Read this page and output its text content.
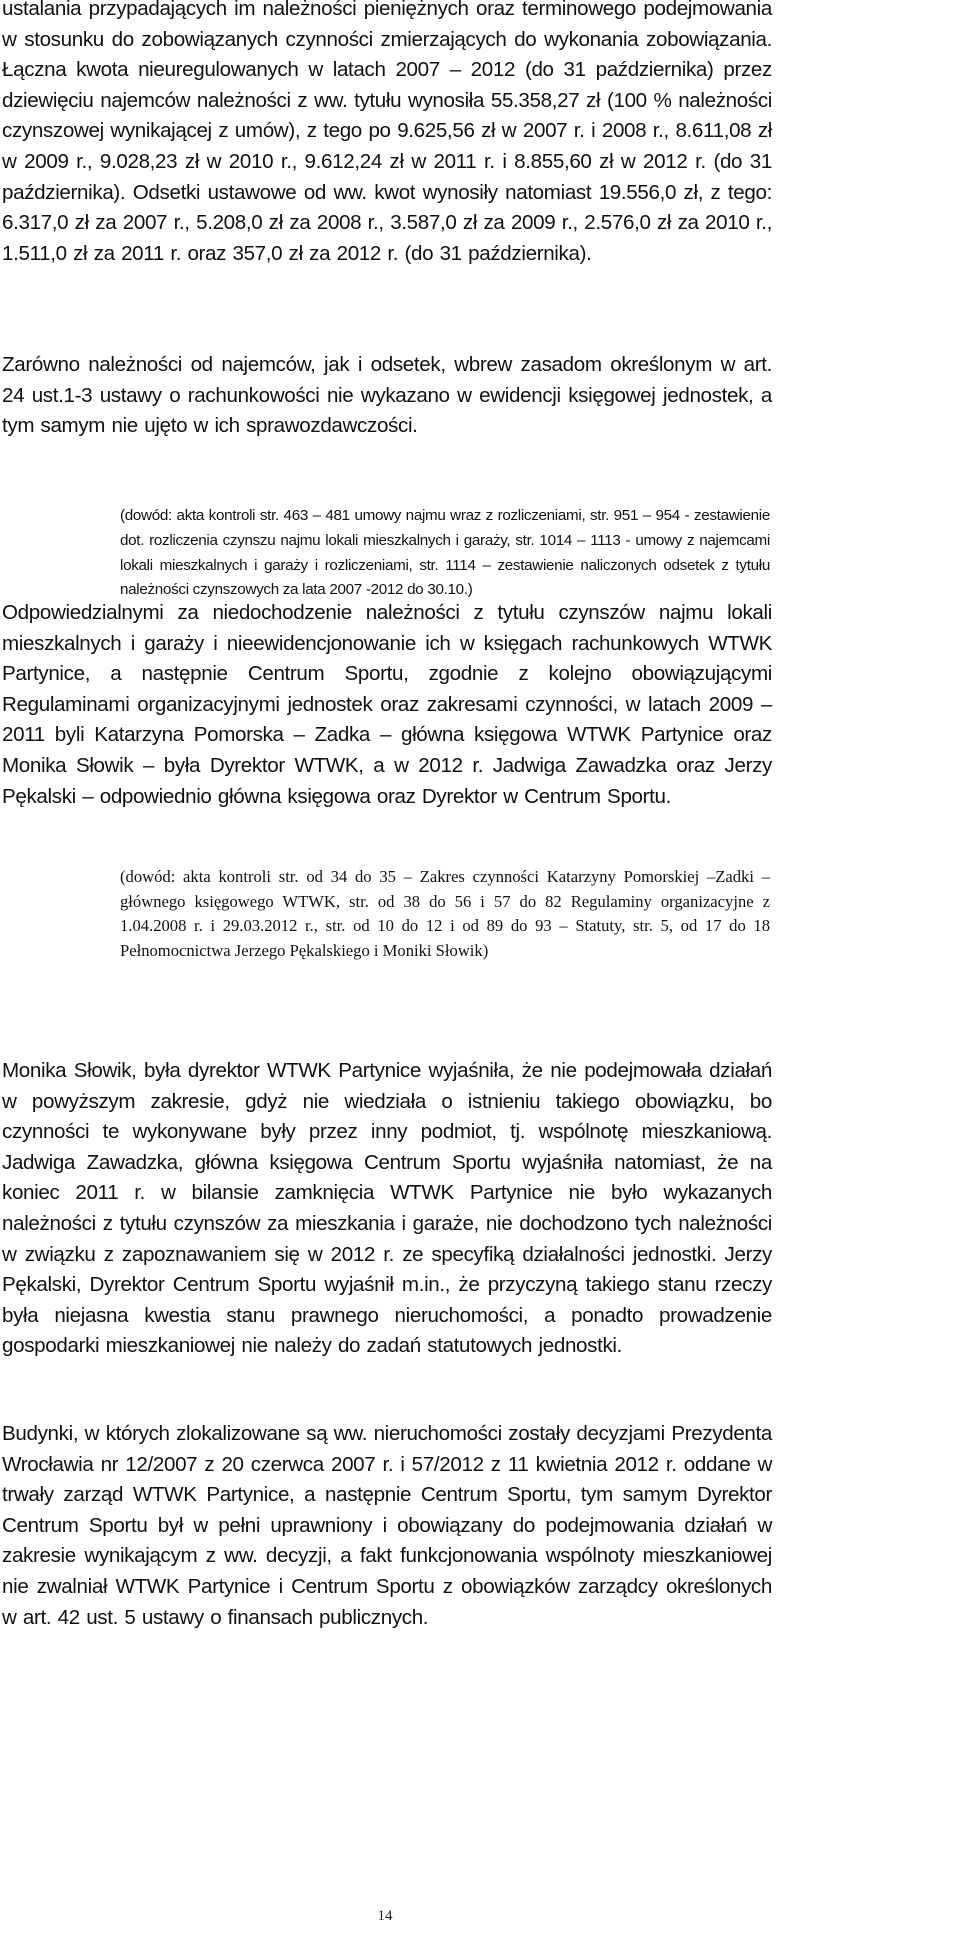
ustalania przypadających im należności pieniężnych oraz terminowego podejmowania w stosunku do zobowiązanych czynności zmierzających do wykonania zobowiązania. Łączna kwota nieuregulowanych w latach 2007 – 2012 (do 31 października) przez dziewięciu najemców należności z ww. tytułu wynosiła 55.358,27 zł (100 % należności czynszowej wynikającej z umów), z tego po 9.625,56 zł w 2007 r. i 2008 r., 8.611,08 zł w 2009 r., 9.028,23 zł w 2010 r., 9.612,24 zł w 2011 r. i 8.855,60 zł w 2012 r. (do 31 października). Odsetki ustawowe od ww. kwot wynosiły natomiast 19.556,0 zł, z tego: 6.317,0 zł za 2007 r., 5.208,0 zł za 2008 r., 3.587,0 zł za 2009 r., 2.576,0 zł za 2010 r., 1.511,0 zł za 2011 r. oraz 357,0 zł za 2012 r. (do 31 października).

Zarówno należności od najemców, jak i odsetek, wbrew zasadom określonym w art. 24 ust.1-3 ustawy o rachunkowości nie wykazano w ewidencji księgowej jednostek, a tym samym nie ujęto w ich sprawozdawczości.

(dowód: akta kontroli str. 463 – 481 umowy najmu wraz z rozliczeniami, str. 951 – 954 - zestawienie dot. rozliczenia czynszu najmu lokali mieszkalnych i garaży, str. 1014 – 1113 - umowy z najemcami lokali mieszkalnych i garaży i rozliczeniami, str. 1114 – zestawienie naliczonych odsetek z tytułu należności czynszowych za lata 2007 -2012 do 30.10.)

Odpowiedzialnymi za niedochodzenie należności z tytułu czynszów najmu lokali mieszkalnych i garaży i nieewidencjonowanie ich w księgach rachunkowych WTWK Partynice, a następnie Centrum Sportu, zgodnie z kolejno obowiązującymi Regulaminami organizacyjnymi jednostek oraz zakresami czynności, w latach 2009 – 2011 byli Katarzyna Pomorska – Zadka – główna księgowa WTWK Partynice oraz Monika Słowik – była Dyrektor WTWK, a w 2012 r. Jadwiga Zawadzka oraz Jerzy Pękalski – odpowiednio główna księgowa oraz Dyrektor w Centrum Sportu.

(dowód: akta kontroli str. od 34 do 35 – Zakres czynności Katarzyny Pomorskiej –Zadki – głównego księgowego WTWK, str. od 38 do 56 i 57 do 82 Regulaminy organizacyjne z 1.04.2008 r. i 29.03.2012 r., str. od 10 do 12 i od 89 do 93 – Statuty, str. 5, od 17 do 18 Pełnomocnictwa Jerzego Pękalskiego i Moniki Słowik)

Monika Słowik, była dyrektor WTWK Partynice wyjaśniła, że nie podejmowała działań w powyższym zakresie, gdyż nie wiedziała o istnieniu takiego obowiązku, bo czynności te wykonywane były przez inny podmiot, tj. wspólnotę mieszkaniową. Jadwiga Zawadzka, główna księgowa Centrum Sportu wyjaśniła natomiast, że na koniec 2011 r. w bilansie zamknięcia WTWK Partynice nie było wykazanych należności z tytułu czynszów za mieszkania i garaże, nie dochodzono tych należności w związku z zapoznawaniem się w 2012 r. ze specyfiką działalności jednostki. Jerzy Pękalski, Dyrektor Centrum Sportu wyjaśnił m.in., że przyczyną takiego stanu rzeczy była niejasna kwestia stanu prawnego nieruchomości, a ponadto prowadzenie gospodarki mieszkaniowej nie należy do zadań statutowych jednostki.

Budynki, w których zlokalizowane są ww. nieruchomości zostały decyzjami Prezydenta Wrocławia nr 12/2007 z 20 czerwca 2007 r. i 57/2012 z 11 kwietnia 2012 r. oddane w trwały zarząd WTWK Partynice, a następnie Centrum Sportu, tym samym Dyrektor Centrum Sportu był w pełni uprawniony i obowiązany do podejmowania działań w zakresie wynikającym z ww. decyzji, a fakt funkcjonowania wspólnoty mieszkaniowej nie zwalniał WTWK Partynice i Centrum Sportu z obowiązków zarządcy określonych w art. 42 ust. 5 ustawy o finansach publicznych.

14
